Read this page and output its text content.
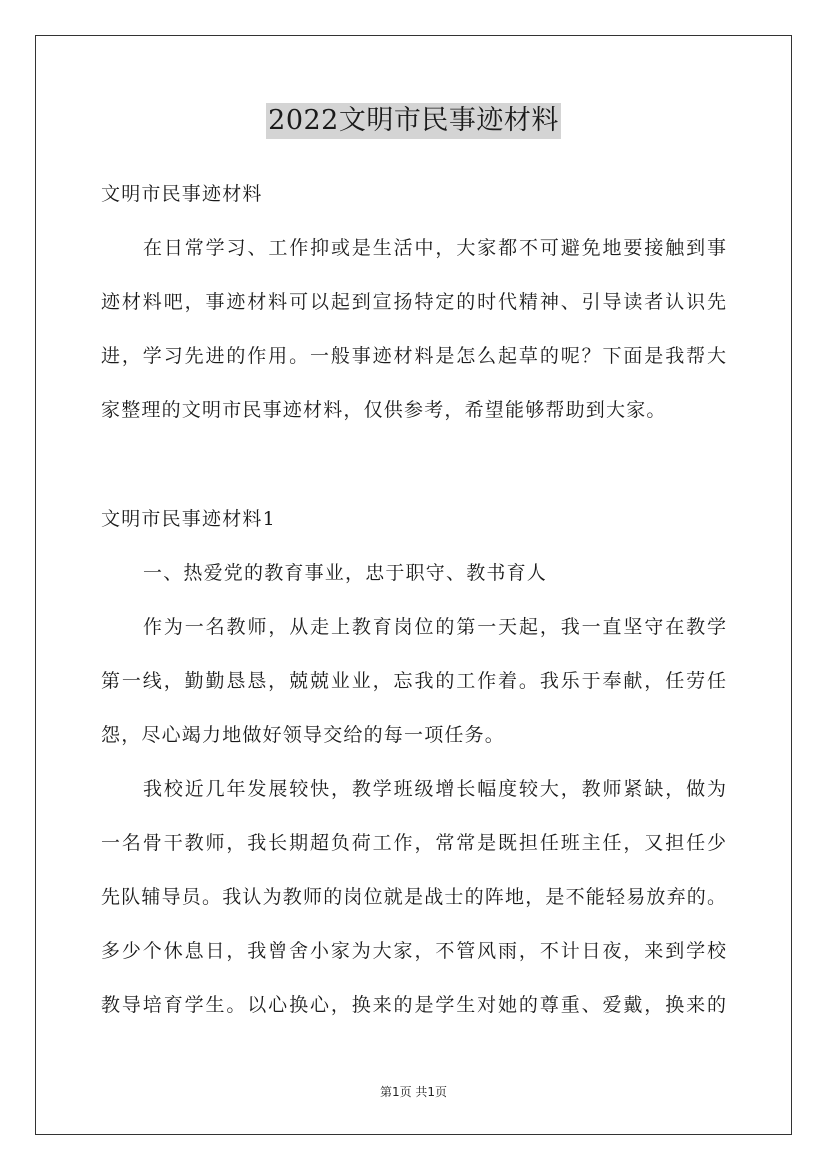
2022文明市民事迹材料
文明市民事迹材料
在日常学习、工作抑或是生活中，大家都不可避免地要接触到事
迹材料吧，事迹材料可以起到宣扬特定的时代精神、引导读者认识先
进，学习先进的作用。一般事迹材料是怎么起草的呢？下面是我帮大
家整理的文明市民事迹材料，仅供参考，希望能够帮助到大家。
文明市民事迹材料1
一、热爱党的教育事业，忠于职守、教书育人
作为一名教师，从走上教育岗位的第一天起，我一直坚守在教学
第一线，勤勤恳恳，兢兢业业，忘我的工作着。我乐于奉献，任劳任
怨，尽心竭力地做好领导交给的每一项任务。
我校近几年发展较快，教学班级增长幅度较大，教师紧缺，做为
一名骨干教师，我长期超负荷工作，常常是既担任班主任，又担任少
先队辅导员。我认为教师的岗位就是战士的阵地，是不能轻易放弃的。
多少个休息日，我曾舍小家为大家，不管风雨，不计日夜，来到学校
教导培育学生。以心换心，换来的是学生对她的尊重、爱戴，换来的
第1页 共1页
